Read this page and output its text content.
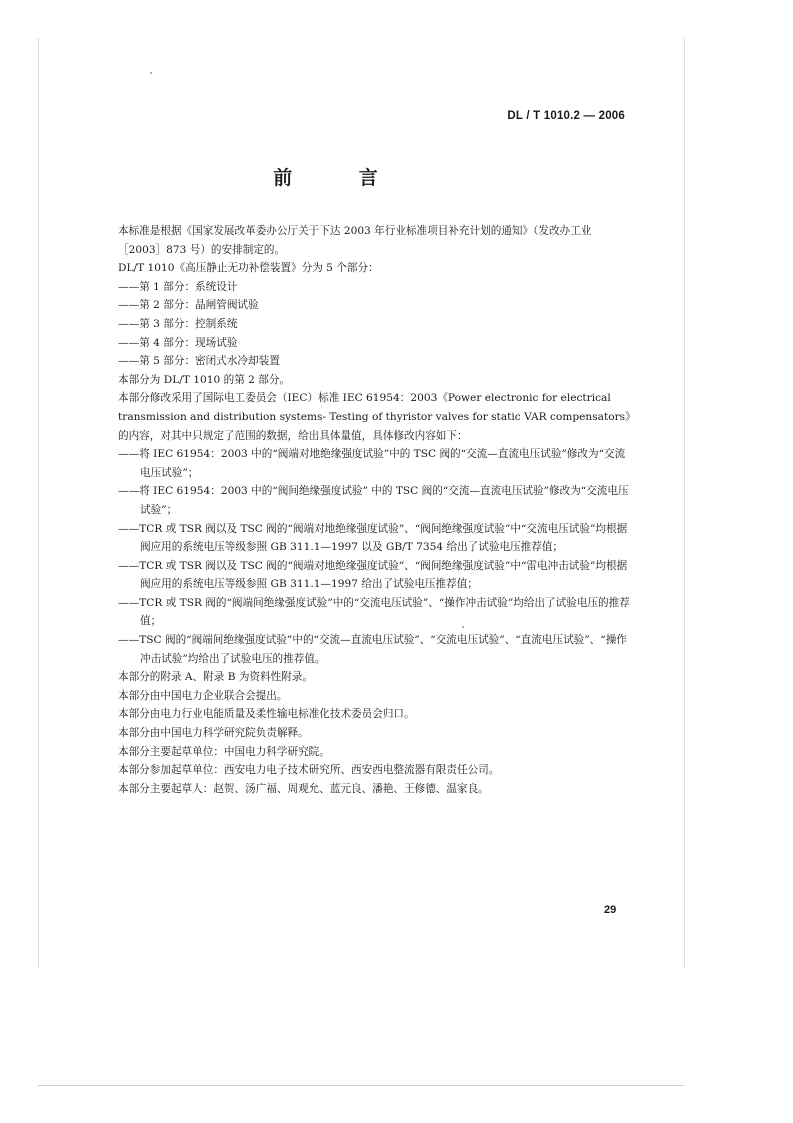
DL / T 1010.2 — 2006
前 言

本标准是根据《国家发展改革委办公厅关于下达 2003 年行业标准项目补充计划的通知》（发改办工业［2003］873 号）的安排制定的。

DL/T 1010《高压静止无功补偿装置》分为 5 个部分：

——第 1 部分：系统设计

——第 2 部分：晶闸管阀试验

——第 3 部分：控制系统

——第 4 部分：现场试验

——第 5 部分：密闭式水冷却装置

本部分为 DL/T 1010 的第 2 部分。

本部分修改采用了国际电工委员会（IEC）标准 IEC 61954：2003《Power electronic for electrical transmission and distribution systems- Testing of thyristor valves for static VAR compensators》的内容，对其中只规定了范围的数据，给出具体量值，具体修改内容如下：

——将 IEC 61954：2003 中的“阀端对地绝缘强度试验”中的 TSC 阀的“交流—直流电压试验”修改为“交流电压试验”；

——将 IEC 61954：2003 中的“阀间绝缘强度试验” 中的 TSC 阀的“交流—直流电压试验”修改为“交流电压试验”；

——TCR 或 TSR 阀以及 TSC 阀的“阀端对地绝缘强度试验”、“阀间绝缘强度试验”中“交流电压试验”均根据阀应用的系统电压等级参照 GB 311.1—1997 以及 GB/T 7354 给出了试验电压推荐值；

——TCR 或 TSR 阀以及 TSC 阀的“阀端对地绝缘强度试验”、“阀间绝缘强度试验”中“雷电冲击试验”均根据阀应用的系统电压等级参照 GB 311.1—1997 给出了试验电压推荐值；

——TCR 或 TSR 阀的“阀端间绝缘强度试验”中的“交流电压试验”、“操作冲击试验”均给出了试验电压的推荐值；

——TSC 阀的“阀端间绝缘强度试验”中的“交流—直流电压试验”、“交流电压试验”、“直流电压试验”、“操作冲击试验”均给出了试验电压的推荐值。

本部分的附录 A、附录 B 为资料性附录。

本部分由中国电力企业联合会提出。

本部分由电力行业电能质量及柔性输电标准化技术委员会归口。

本部分由中国电力科学研究院负责解释。

本部分主要起草单位：中国电力科学研究院。

本部分参加起草单位：西安电力电子技术研究所、西安西电整流器有限责任公司。

本部分主要起草人：赵贺、汤广福、周观允、蓝元良、潘艳、王修德、温家良。

29
